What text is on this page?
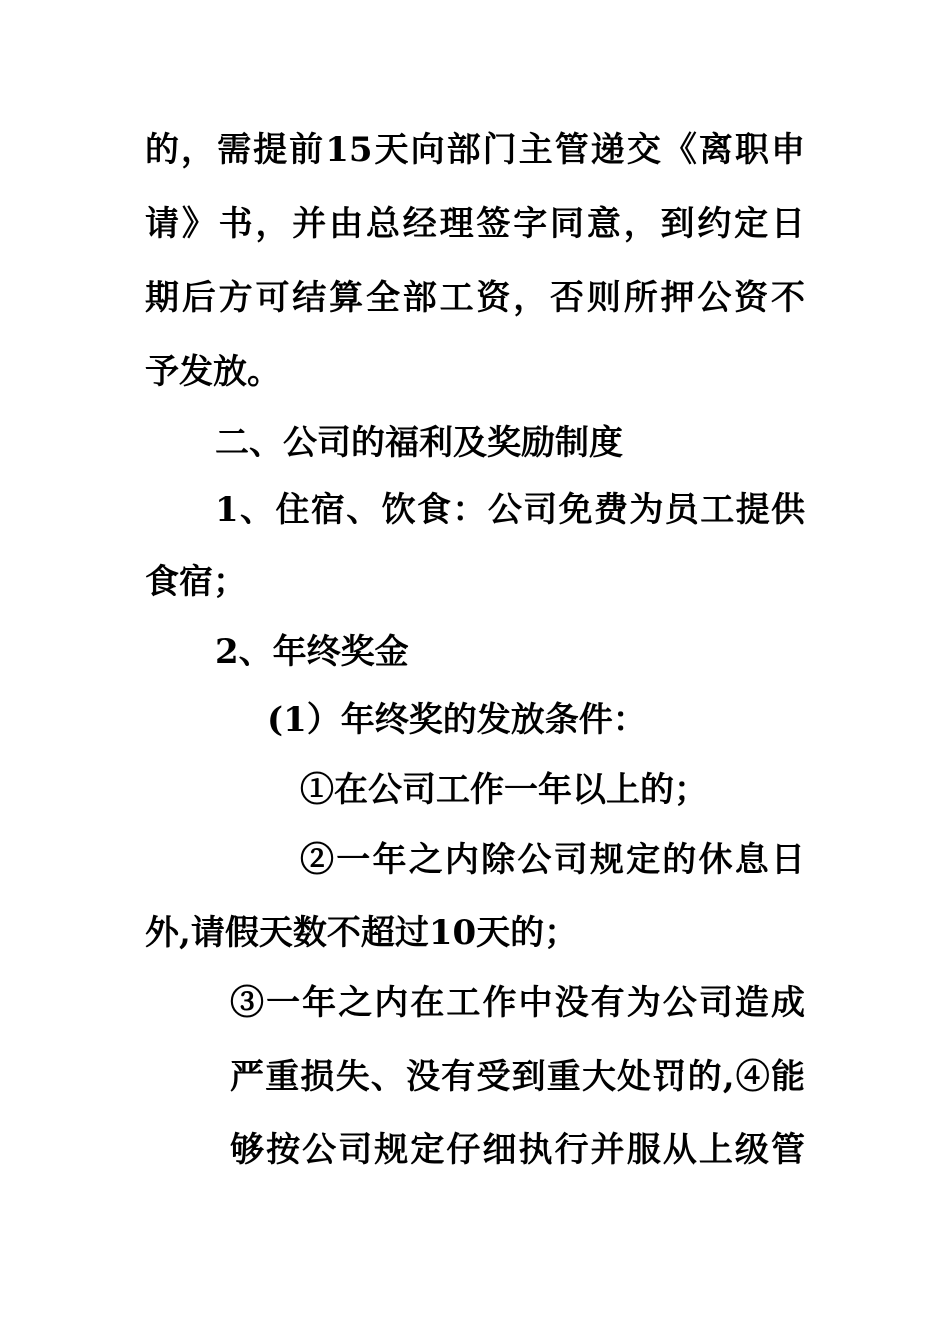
的，需提前15天向部门主管递交《离职申
请》书，并由总经理签字同意，到约定日
期后方可结算全部工资，否则所押公资不
予发放。
二、公司的福利及奖励制度
1、住宿、饮食：公司免费为员工提供
食宿；
2、年终奖金
(1）年终奖的发放条件：
①在公司工作一年以上的；
②一年之内除公司规定的休息日
外,请假天数不超过10天的；
③一年之内在工作中没有为公司造成
严重损失、没有受到重大处罚的,④能
够按公司规定仔细执行并服从上级管
